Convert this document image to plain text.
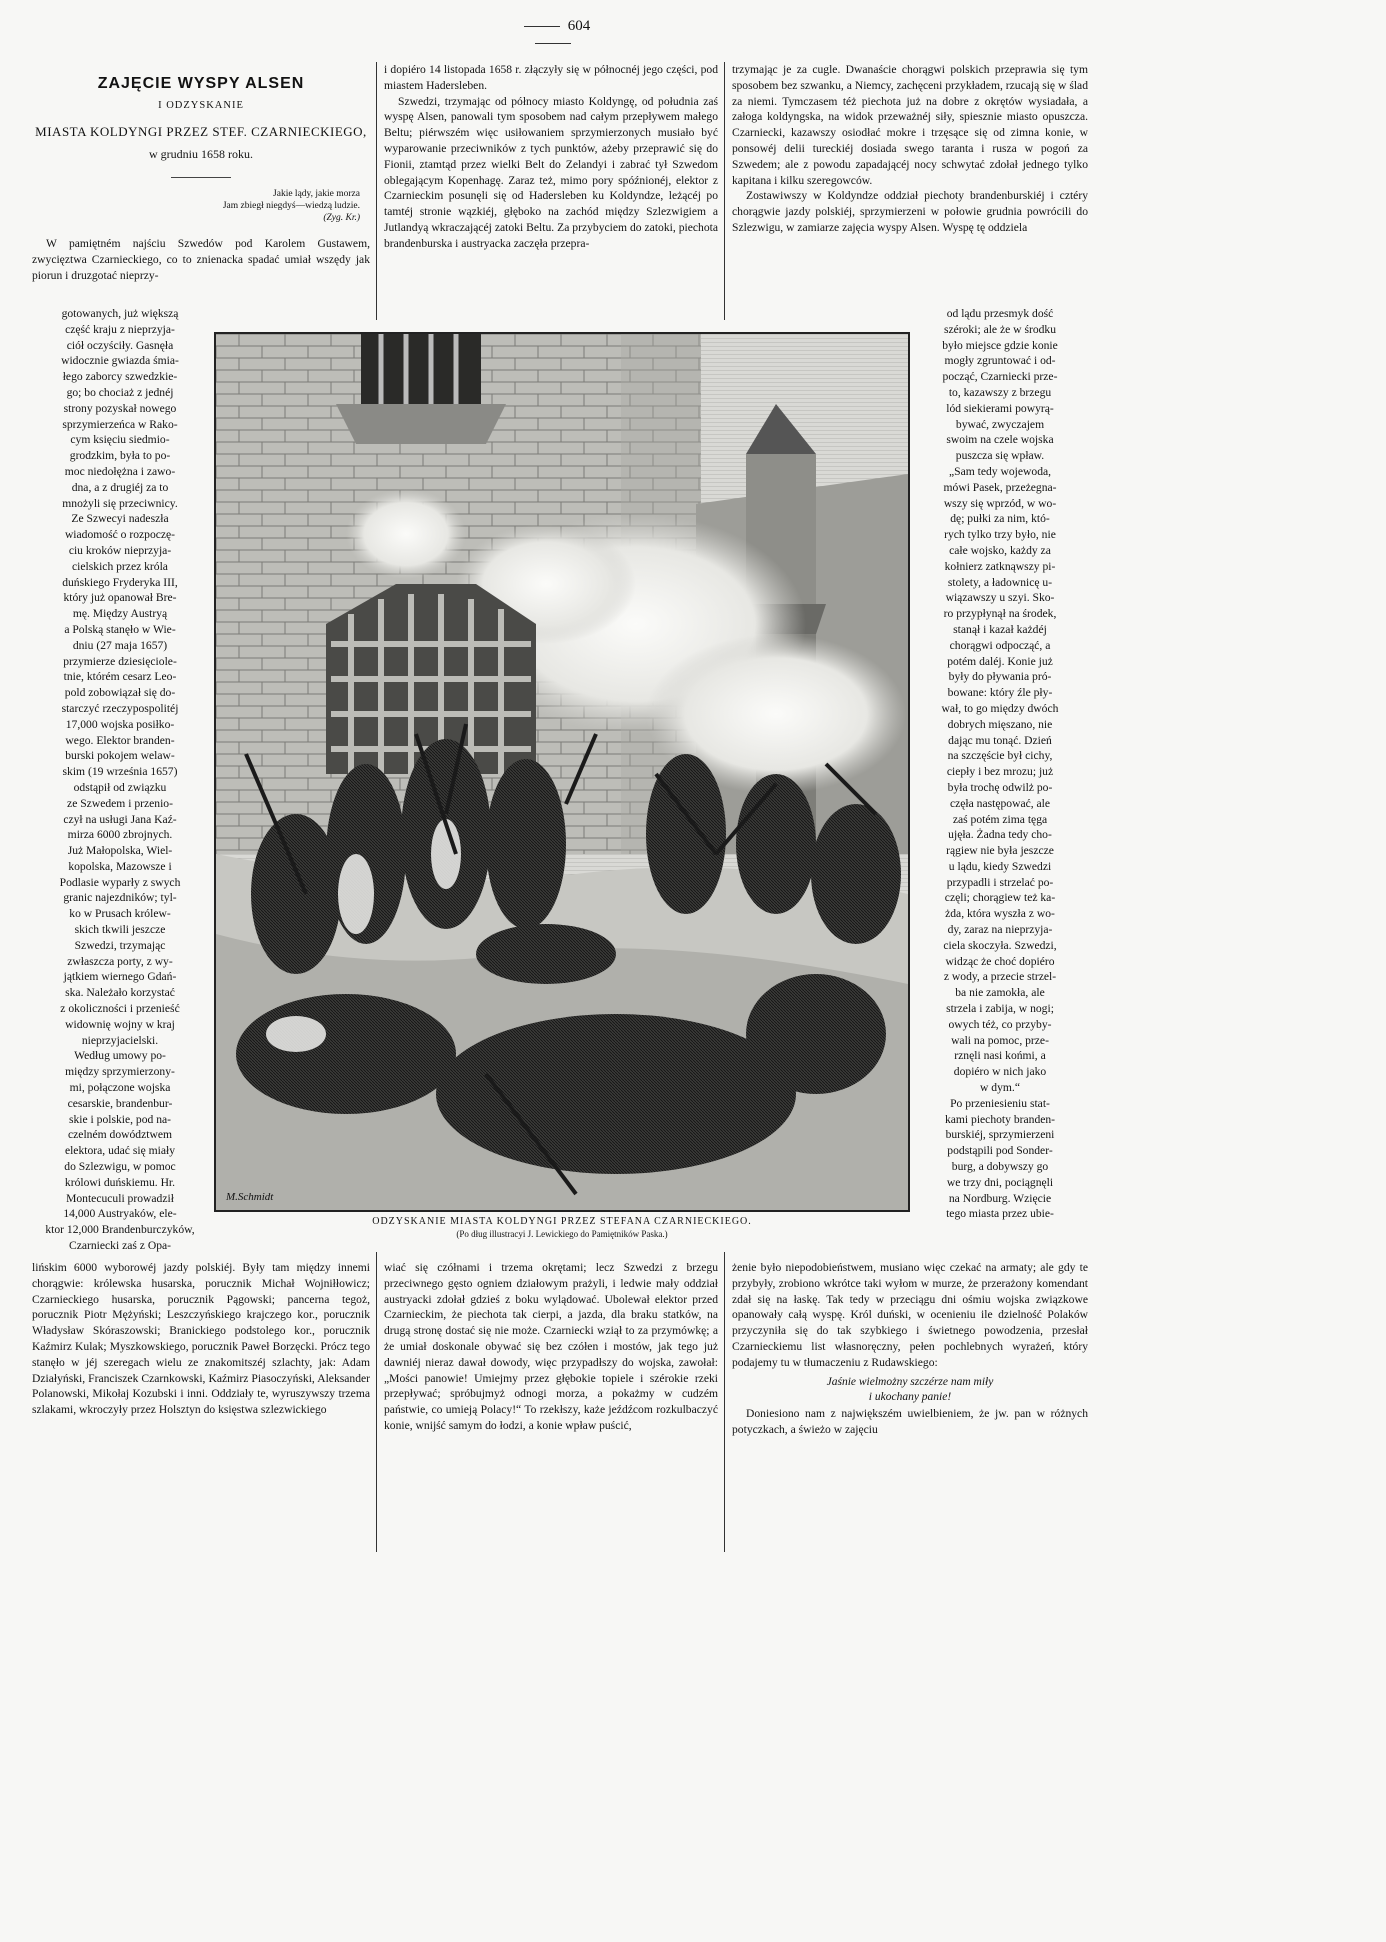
604
ZAJĘCIE WYSPY ALSEN
I ODZYSKANIE
MIASTA KOLDYNGI PRZEZ STEF. CZARNIECKIEGO,
w grudniu 1658 roku.
Jakie lądy, jakie morza
Jam zbiegł niegdyś—wiedzą ludzie.
(Zyg. Kr.)

W pamiętném najściu Szwedów pod Karolem Gustawem, zwycięztwa Czarnieckiego, co to znienacka spadać umiał wszędy jak piorun i druzgotać nieprzy-

gotowanych, już większą
część kraju z nieprzyja-
ciół oczyściły. Gasnęła
widocznie gwiazda śmia-
łego zaborcy szwedzkie-
go; bo chociaż z jednéj
strony pozyskał nowego
sprzymierzeńca w Rako-
cym księciu siedmio-
grodzkim, była to po-
moc niedołężna i zawo-
dna, a z drugiéj za to
mnożyli się przeciwnicy.
Ze Szwecyi nadeszła
wiadomość o rozpoczę-
ciu kroków nieprzyja-
cielskich przez króla
duńskiego Fryderyka III,
który już opanował Bre-
mę. Między Austryą
a Polską stanęło w Wie-
dniu (27 maja 1657)
przymierze dziesięciole-
tnie, którém cesarz Leo-
pold zobowiązał się do-
starczyć rzeczypospolitéj
17,000 wojska posiłko-
wego. Elektor branden-
burski pokojem welaw-
skim (19 września 1657)
odstąpił od związku
ze Szwedem i przenio-
czył na usługi Jana Kaź-
mirza 6000 zbrojnych.
Już Małopolska, Wiel-
kopolska, Mazowsze i
Podlasie wyparły z swych
granic najezdników; tyl-
ko w Prusach królew-
skich tkwili jeszcze
Szwedzi, trzymając
zwłaszcza porty, z wy-
jątkiem wiernego Gdań-
ska. Należało korzystać
z okoliczności i przenieść
widownię wojny w kraj
nieprzyjacielski.
Według umowy po-
między sprzymierzony-
mi, połączone wojska
cesarskie, brandenbur-
skie i polskie, pod na-
czelném dowództwem
elektora, udać się miały
do Szlezwigu, w pomoc
królowi duńskiemu. Hr.
Montecuculi prowadził
14,000 Austryaków, ele-
ktor 12,000 Brandenburczyków, Czarniecki zaś z Opa-

lińskim 6000 wyborowéj jazdy polskiéj. Były tam między innemi chorągwie: królewska husarska, porucznik Michał Wojniłłowicz; Czarnieckiego husarska, porucznik Pągowski; pancerna tegoż, porucznik Piotr Mężyński; Leszczyńskiego krajczego kor., porucznik Władysław Skóraszowski; Branickiego podstolego kor., porucznik Kaźmirz Kulak; Myszkowskiego, porucznik Paweł Borzęcki. Prócz tego stanęło w jéj szeregach wielu ze znakomitszéj szlachty, jak: Adam Działyński, Franciszek Czarnkowski, Kaźmirz Piasoczyński, Aleksander Polanowski, Mikołaj Kozubski i inni. Oddziały te, wyruszywszy trzema szlakami, wkroczyły przez Holsztyn do księstwa szlezwickiego

i dopiéro 14 listopada 1658 r. złączyły się w północnéj jego części, pod miastem Hadersleben.

Szwedzi, trzymając od północy miasto Koldyngę, od południa zaś wyspę Alsen, panowali tym sposobem nad całym przepływem małego Beltu; piérwszém więc usiłowaniem sprzymierzonych musiało być wyparowanie przeciwników z tych punktów, ażeby przeprawić się do Fionii, ztamtąd przez wielki Belt do Zelandyi i zabrać tył Szwedom oblegającym Kopenhagę. Zaraz też, mimo pory spóźnionéj, elektor z Czarnieckim posunęli się od Hadersleben ku Koldyndze, leżącéj po tamtéj stronie wązkiéj, głęboko na zachód między Szlezwigiem a Jutlandyą wkraczającéj zatoki Beltu. Za przybyciem do zatoki, piechota brandenburska i austryacka zaczęła przepra-

wiać się czółnami i trzema okrętami; lecz Szwedzi z brzegu przeciwnego gęsto ogniem działowym prażyli, i ledwie mały oddział austryacki zdołał gdzieś z boku wylądować. Ubolewał elektor przed Czarnieckim, że piechota tak cierpi, a jazda, dla braku statków, na drugą stronę dostać się nie może. Czarniecki wziął to za przymówkę; a że umiał doskonale obywać się bez czółen i mostów, jak tego już dawniéj nieraz dawał dowody, więc przypadłszy do wojska, zawołał: „Mości panowie! Umiejmy przez głębokie topiele i szérokie rzeki przepływać; spróbujmyż odnogi morza, a pokażmy w cudzém państwie, co umieją Polacy!“ To rzekłszy, każe jeźdźcom rozkulbaczyć konie, wnijść samym do łodzi, a konie wpław puścić,

trzymając je za cugle. Dwanaście chorągwi polskich przeprawia się tym sposobem bez szwanku, a Niemcy, zachęceni przykładem, rzucają się w ślad za niemi. Tymczasem téż piechota już na dobre z okrętów wysiadała, a załoga koldyngska, na widok przeważnéj siły, spiesznie miasto opuszcza. Czarniecki, kazawszy osiodłać mokre i trzęsące się od zimna konie, w ponsowéj delii tureckiéj dosiada swego taranta i rusza w pogoń za Szwedem; ale z powodu zapadającéj nocy schwytać zdołał jednego tylko kapitana i kilku szeregowców.

Zostawiwszy w Koldyndze oddział piechoty brandenburskiéj i cztéry chorągwie jazdy polskiéj, sprzymierzeni w połowie grudnia powrócili do Szlezwigu, w zamiarze zajęcia wyspy Alsen. Wyspę tę oddziela

od lądu przesmyk dość
széroki; ale że w środku
było miejsce gdzie konie
mogły zgruntować i od-
począć, Czarniecki prze-
to, kazawszy z brzegu
lód siekierami powyrą-
bywać, zwyczajem
swoim na czele wojska
puszcza się wpław.
„Sam tedy wojewoda,
mówi Pasek, przeżegna-
wszy się wprzód, w wo-
dę; pułki za nim, któ-
rych tylko trzy było, nie
całe wojsko, każdy za
kołnierz zatknąwszy pi-
stolety, a ładownicę u-
wiązawszy u szyi. Sko-
ro przypłynął na środek,
stanął i kazał każdéj
chorągwi odpocząć, a
potém daléj. Konie już
były do pływania pró-
bowane: który źle pły-
wał, to go między dwóch
dobrych mięszano, nie
dając mu tonąć. Dzień
na szczęście był cichy,
ciepły i bez mrozu; już
była trochę odwilż po-
częła następować, ale
zaś potém zima tęga
ujęła. Żadna tedy cho-
rągiew nie była jeszcze
u lądu, kiedy Szwedzi
przypadli i strzelać po-
częli; chorągiew też ka-
żda, która wyszła z wo-
dy, zaraz na nieprzyja-
ciela skoczyła. Szwedzi,
widząc że choć dopiéro
z wody, a przecie strzel-
ba nie zamokła, ale
strzela i zabija, w nogi;
owych téż, co przyby-
wali na pomoc, prze-
rznęli nasi końmi, a
dopiéro w nich jako
w dym.“
Po przeniesieniu stat-
kami piechoty branden-
burskiéj, sprzymierzeni
podstąpili pod Sonder-
burg, a dobywszy go
we trzy dni, pociągnęli
na Nordburg. Wzięcie
tego miasta przez ubie-

żenie było niepodobieństwem, musiano więc czekać na armaty; ale gdy te przybyły, zrobiono wkrótce taki wyłom w murze, że przerażony komendant zdał się na łaskę. Tak tedy w przeciągu dni ośmiu wojska związkowe opanowały całą wyspę. Król duński, w ocenieniu ile dzielność Polaków przyczyniła się do tak szybkiego i świetnego powodzenia, przesłał Czarnieckiemu list własnoręczny, pełen pochlebnych wyrażeń, który podajemy tu w tłumaczeniu z Rudawskiego:

Jaśnie wielmożny szczérze nam miły
i ukochany panie!

Doniesiono nam z największém uwielbieniem, że jw. pan w różnych potyczkach, a świeżo w zajęciu

M.Schmidt
ODZYSKANIE MIASTA KOLDYNGI PRZEZ STEFANA CZARNIECKIEGO.
(Po dług illustracyi J. Lewickiego do Pamiętników Paska.)
